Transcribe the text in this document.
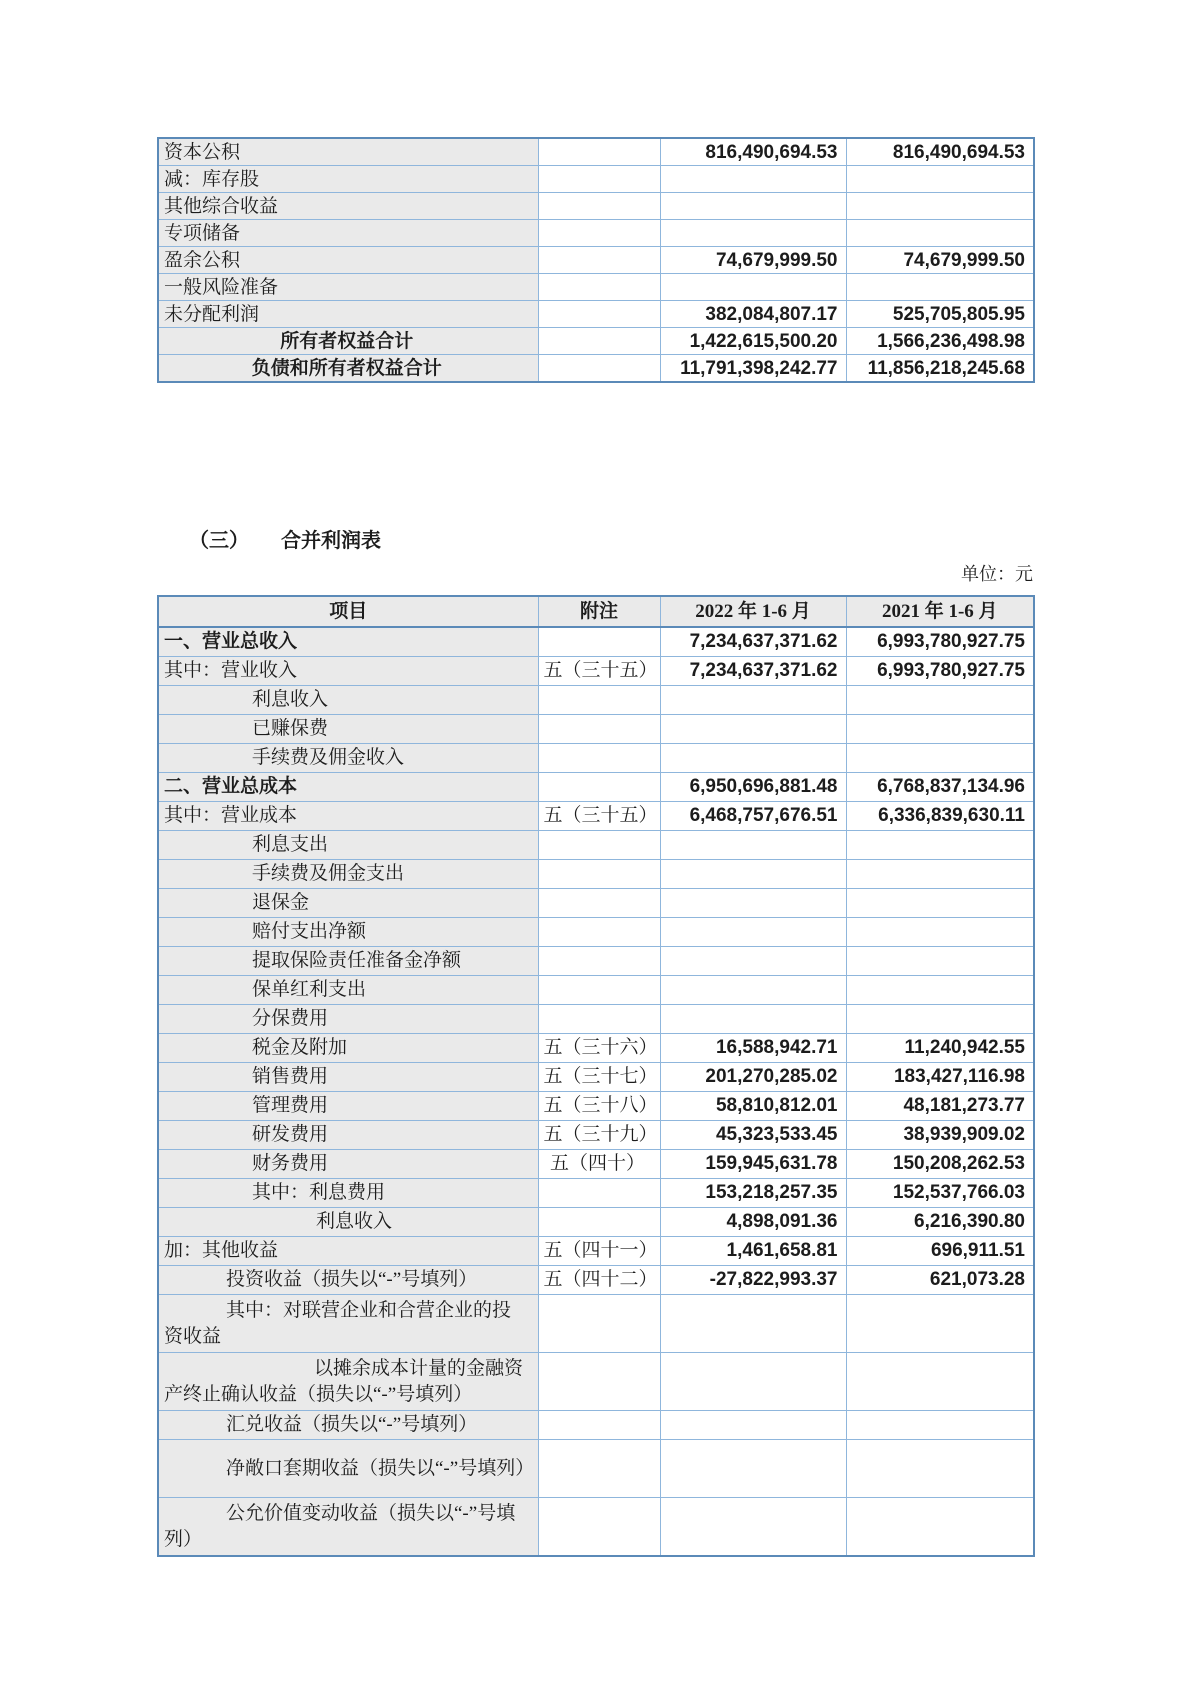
资本公积		816,490,694.53	816,490,694.53
减：库存股			
其他综合收益			
专项储备			
盈余公积		74,679,999.50	74,679,999.50
一般风险准备			
未分配利润		382,084,807.17	525,705,805.95
所有者权益合计		1,422,615,500.20	1,566,236,498.98
负债和所有者权益合计		11,791,398,242.77	11,856,218,245.68
（三） 合并利润表
单位：元
项目	附注	2022 年 1-6 月	2021 年 1-6 月
一、营业总收入		7,234,637,371.62	6,993,780,927.75
其中：营业收入	五（三十五）	7,234,637,371.62	6,993,780,927.75
利息收入			
已赚保费			
手续费及佣金收入			
二、营业总成本		6,950,696,881.48	6,768,837,134.96
其中：营业成本	五（三十五）	6,468,757,676.51	6,336,839,630.11
利息支出			
手续费及佣金支出			
退保金			
赔付支出净额			
提取保险责任准备金净额			
保单红利支出			
分保费用			
税金及附加	五（三十六）	16,588,942.71	11,240,942.55
销售费用	五（三十七）	201,270,285.02	183,427,116.98
管理费用	五（三十八）	58,810,812.01	48,181,273.77
研发费用	五（三十九）	45,323,533.45	38,939,909.02
财务费用	五（四十）	159,945,631.78	150,208,262.53
其中：利息费用		153,218,257.35	152,537,766.03
利息收入		4,898,091.36	6,216,390.80
加：其他收益	五（四十一）	1,461,658.81	696,911.51
投资收益（损失以“-”号填列）	五（四十二）	-27,822,993.37	621,073.28
其中：对联营企业和合营企业的投资收益			
以摊余成本计量的金融资产终止确认收益（损失以“-”号填列）			
汇兑收益（损失以“-”号填列）			
净敞口套期收益（损失以“-”号填列）			
公允价值变动收益（损失以“-”号填列）			
